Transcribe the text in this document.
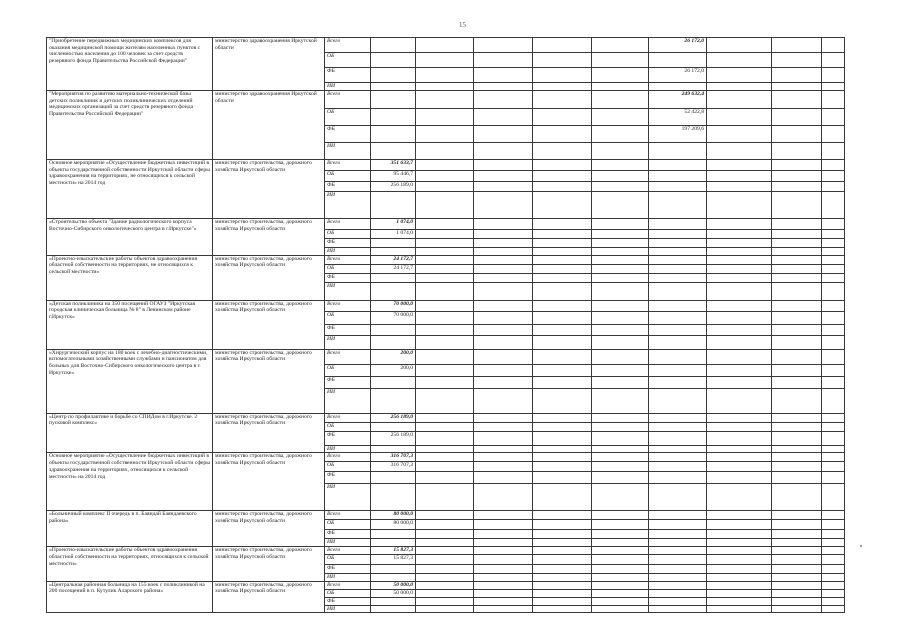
15
"Приобретение передвижных медицинских комплексов для оказания медицинской помощи жителям населенных пунктов с численностью населения до 100 человек за счет средств резервного фонда Правительства Российской Федерации"	министерство здравоохранения Иркутской области	Всего						26 172,0			
		ОБ									
		ФБ						26 172,0			
		ИИ									
"Мероприятия по развитию материально-технической базы детских поликлиник и детских поликлинических отделений медицинских организаций за счет средств резервного фонда Правительства Российской Федерации"	министерство здравоохранения Иркутской области	Всего						249 632,4			
		ОБ						52 422,8			
		ФБ						197 209,6			
		ИИ									
Основное мероприятие «Осуществление бюджетных инвестиций в объекты государственной собственности Иркутской области сферы здравоохранения на территориях, не относящихся к сельской местности» на 2014 год	министерство строительства, дорожного хозяйства Иркутской области	Всего	351 633,7								
		ОБ	95 446,7								
		ФБ	256 189,0								
		ИИ									
«Строительство объекта "Здание радиологического корпуса Восточно-Сибирского онкологического центра в г.Иркутске"»	министерство строительства, дорожного хозяйства Иркутской области	Всего	1 074,0								
		ОБ	1 074,0								
		ФБ									
		ИИ									
«Проектно-изыскательские работы объектов здравоохранения областной собственности на территориях, не относящихся к сельской местности»	министерство строительства, дорожного хозяйства Иркутской области	Всего	24 172,7								
		ОБ	24 172,7								
		ФБ									
		ИИ									
«Детская поликлиника на 350 посещений ОГАУЗ "Иркутская городская клиническая больница № 8" в Ленинском районе г.Иркутск»	министерство строительства, дорожного хозяйства Иркутской области	Всего	70 000,0								
		ОБ	70 000,0								
		ФБ									
		ИИ									
«Хирургический корпус на 180 коек с лечебно-диагностическими, вспомогательными хозяйственными службами и пансионатом для больных для Восточно-Сибирского онкологического центра в г. Иркутске»	министерство строительства, дорожного хозяйства Иркутской области	Всего	200,0								
		ОБ	200,0								
		ФБ									
		ИИ									
«Центр по профилактике и борьбе со СПИДом в г.Иркутске. 2 пусковой комплекс»	министерство строительства, дорожного хозяйства Иркутской области	Всего	256 189,0								
		ОБ									
		ФБ	256 189,0								
		ИИ									
Основное мероприятие «Осуществление бюджетных инвестиций в объекты государственной собственности Иркутской области сферы здравоохранения на территориях, относящихся к сельской местности» на 2014 год	министерство строительства, дорожного хозяйства Иркутской области	Всего	316 707,3								
		ОБ	316 707,3								
		ФБ									
		ИИ									
«Больничный комплекс II очередь в п. Баяндай Баяндаевского района»	министерство строительства, дорожного хозяйства Иркутской области	Всего	80 000,0								
		ОБ	80 000,0								
		ФБ									
		ИИ									
«Проектно-изыскательские работы объектов здравоохранения областной собственности на территориях, относящихся к сельской местности»	министерство строительства, дорожного хозяйства Иркутской области	Всего	15 827,3								
		ОБ	15 827,3								
		ФБ									
		ИИ									
«Центральная районная больница на 155 коек с поликлиникой на 200 посещений в п. Кутулик Аларского района»	министерство строительства, дорожного хозяйства Иркутской области	Всего	50 000,0								
		ОБ	50 000,0								
		ФБ									
		ИИ									
